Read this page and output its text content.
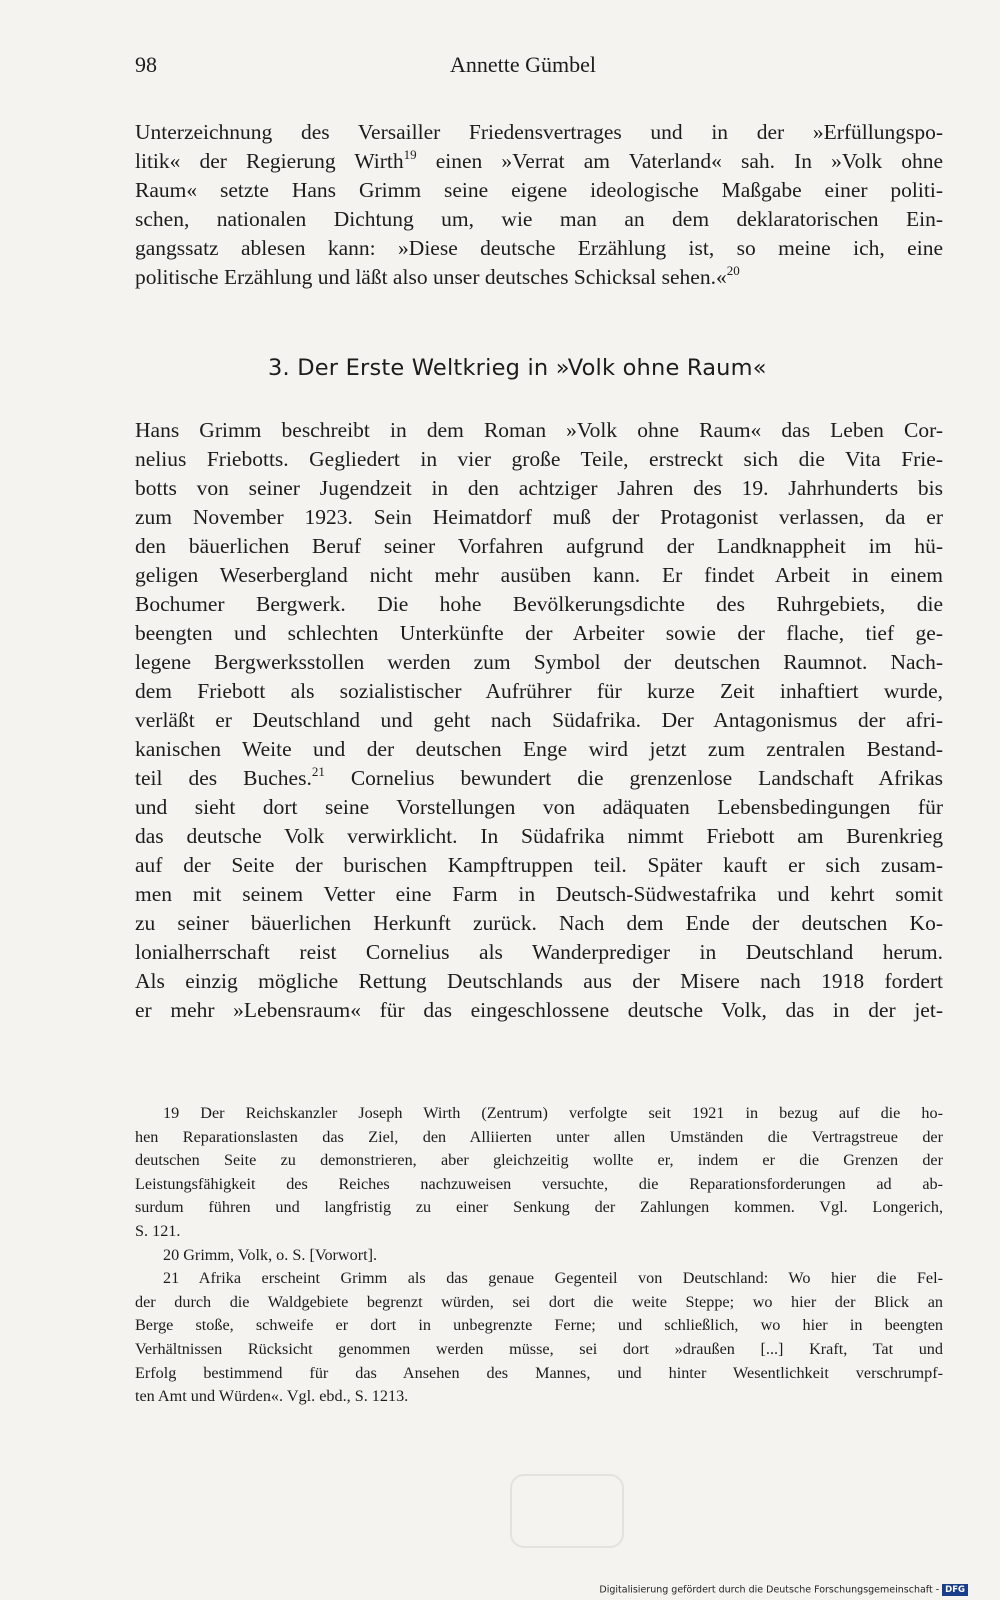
98	Annette Gümbel
Unterzeichnung des Versailler Friedensvertrages und in der »Erfüllungspo-
litik« der Regierung Wirth$^{19}$ einen »Verrat am Vaterland« sah. In »Volk ohne
Raum« setzte Hans Grimm seine eigene ideologische Maßgabe einer politi-
schen, nationalen Dichtung um, wie man an dem deklaratorischen Ein-
gangssatz ablesen kann: »Diese deutsche Erzählung ist, so meine ich, eine
politische Erzählung und läßt also unser deutsches Schicksal sehen.«$^{20}$
3. Der Erste Weltkrieg in »Volk ohne Raum«
Hans Grimm beschreibt in dem Roman »Volk ohne Raum« das Leben Cor-
nelius Friebotts. Gegliedert in vier große Teile, erstreckt sich die Vita Frie-
botts von seiner Jugendzeit in den achtziger Jahren des 19. Jahrhunderts bis
zum November 1923. Sein Heimatdorf muß der Protagonist verlassen, da er
den bäuerlichen Beruf seiner Vorfahren aufgrund der Landknappheit im hü-
geligen Weserbergland nicht mehr ausüben kann. Er findet Arbeit in einem
Bochumer Bergwerk. Die hohe Bevölkerungsdichte des Ruhrgebiets, die
beengten und schlechten Unterkünfte der Arbeiter sowie der flache, tief ge-
legene Bergwerksstollen werden zum Symbol der deutschen Raumnot. Nach-
dem Friebott als sozialistischer Aufrührer für kurze Zeit inhaftiert wurde,
verläßt er Deutschland und geht nach Südafrika. Der Antagonismus der afri-
kanischen Weite und der deutschen Enge wird jetzt zum zentralen Bestand-
teil des Buches.$^{21}$ Cornelius bewundert die grenzenlose Landschaft Afrikas
und sieht dort seine Vorstellungen von adäquaten Lebensbedingungen für
das deutsche Volk verwirklicht. In Südafrika nimmt Friebott am Burenkrieg
auf der Seite der burischen Kampftruppen teil. Später kauft er sich zusam-
men mit seinem Vetter eine Farm in Deutsch-Südwestafrika und kehrt somit
zu seiner bäuerlichen Herkunft zurück. Nach dem Ende der deutschen Ko-
lonialherrschaft reist Cornelius als Wanderprediger in Deutschland herum.
Als einzig mögliche Rettung Deutschlands aus der Misere nach 1918 fordert
er mehr »Lebensraum« für das eingeschlossene deutsche Volk, das in der jet-
19 Der Reichskanzler Joseph Wirth (Zentrum) verfolgte seit 1921 in bezug auf die ho-
hen Reparationslasten das Ziel, den Alliierten unter allen Umständen die Vertragstreue der
deutschen Seite zu demonstrieren, aber gleichzeitig wollte er, indem er die Grenzen der
Leistungsfähigkeit des Reiches nachzuweisen versuchte, die Reparationsforderungen ad ab-
surdum führen und langfristig zu einer Senkung der Zahlungen kommen. Vgl. Longerich,
S. 121.
20 Grimm, Volk, o. S. [Vorwort].
21 Afrika erscheint Grimm als das genaue Gegenteil von Deutschland: Wo hier die Fel-
der durch die Waldgebiete begrenzt würden, sei dort die weite Steppe; wo hier der Blick an
Berge stoße, schweife er dort in unbegrenzte Ferne; und schließlich, wo hier in beengten
Verhältnissen Rücksicht genommen werden müsse, sei dort »draußen [...] Kraft, Tat und
Erfolg bestimmend für das Ansehen des Mannes, und hinter Wesentlichkeit verschrumpf-
ten Amt und Würden«. Vgl. ebd., S. 1213.
Digitalisierung gefördert durch die Deutsche Forschungsgemeinschaft - DFG
